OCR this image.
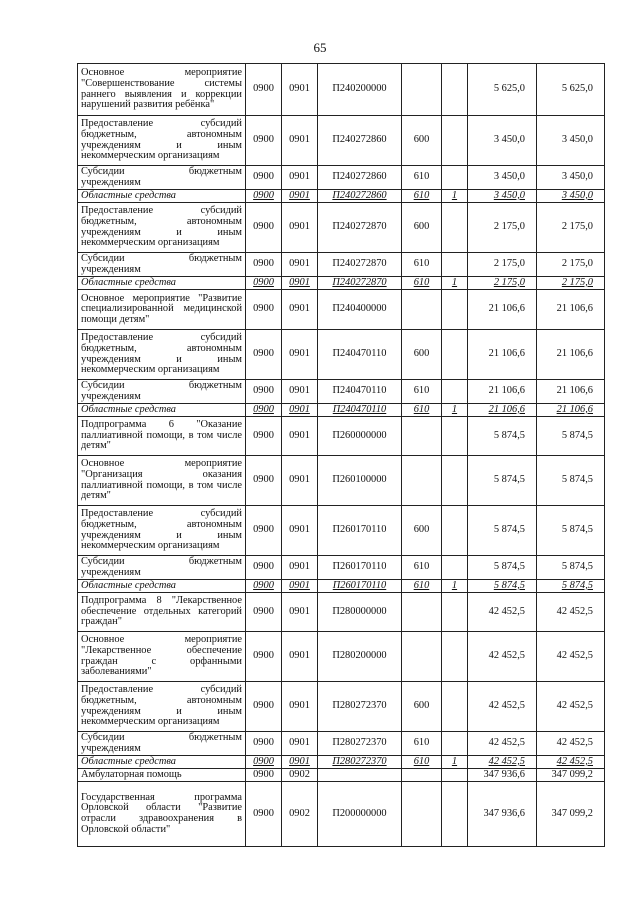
65
Основное мероприятие "Совершенствование системы раннего выявления и коррекции нарушений развития ребёнка"	0900	0901	П240200000			5 625,0	5 625,0
Предоставление субсидий бюджетным, автономным учреждениям и иным некоммерческим организациям	0900	0901	П240272860	600		3 450,0	3 450,0
Субсидии бюджетным учреждениям	0900	0901	П240272860	610		3 450,0	3 450,0
Областные средства	0900	0901	П240272860	610	1	3 450,0	3 450,0
Предоставление субсидий бюджетным, автономным учреждениям и иным некоммерческим организациям	0900	0901	П240272870	600		2 175,0	2 175,0
Субсидии бюджетным учреждениям	0900	0901	П240272870	610		2 175,0	2 175,0
Областные средства	0900	0901	П240272870	610	1	2 175,0	2 175,0
Основное мероприятие "Развитие специализированной медицинской помощи детям"	0900	0901	П240400000			21 106,6	21 106,6
Предоставление субсидий бюджетным, автономным учреждениям и иным некоммерческим организациям	0900	0901	П240470110	600		21 106,6	21 106,6
Субсидии бюджетным учреждениям	0900	0901	П240470110	610		21 106,6	21 106,6
Областные средства	0900	0901	П240470110	610	1	21 106,6	21 106,6
Подпрограмма 6 "Оказание паллиативной помощи, в том числе детям"	0900	0901	П260000000			5 874,5	5 874,5
Основное мероприятие "Организация оказания паллиативной помощи, в том числе детям"	0900	0901	П260100000			5 874,5	5 874,5
Предоставление субсидий бюджетным, автономным учреждениям и иным некоммерческим организациям	0900	0901	П260170110	600		5 874,5	5 874,5
Субсидии бюджетным учреждениям	0900	0901	П260170110	610		5 874,5	5 874,5
Областные средства	0900	0901	П260170110	610	1	5 874,5	5 874,5
Подпрограмма 8 "Лекарственное обеспечение отдельных категорий граждан"	0900	0901	П280000000			42 452,5	42 452,5
Основное мероприятие "Лекарственное обеспечение граждан с орфанными заболеваниями"	0900	0901	П280200000			42 452,5	42 452,5
Предоставление субсидий бюджетным, автономным учреждениям и иным некоммерческим организациям	0900	0901	П280272370	600		42 452,5	42 452,5
Субсидии бюджетным учреждениям	0900	0901	П280272370	610		42 452,5	42 452,5
Областные средства	0900	0901	П280272370	610	1	42 452,5	42 452,5
Амбулаторная помощь	0900	0902				347 936,6	347 099,2
Государственная программа Орловской области "Развитие отрасли здравоохранения в Орловской области"	0900	0902	П200000000			347 936,6	347 099,2
